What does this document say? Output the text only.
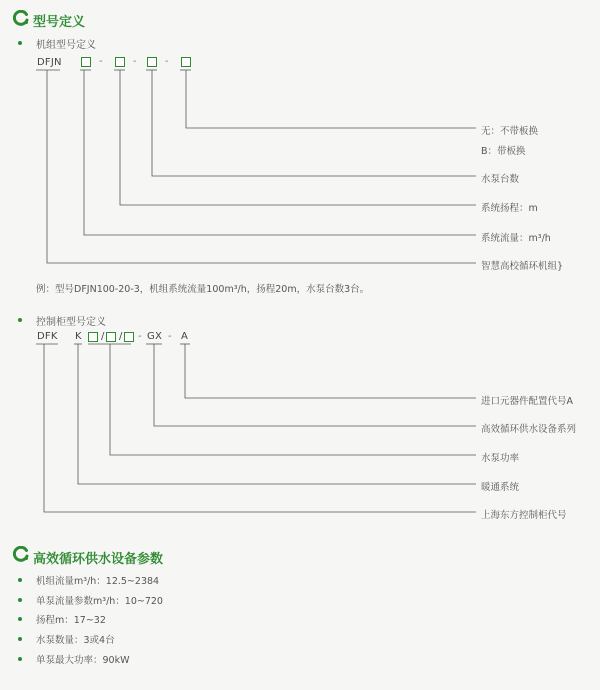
型号定义
机组型号定义
DFJN	-	-	-
无：不带板换
B：带板换
水泵台数
系统扬程：m
系统流量：m³/h
智慧高校循环机组}
例：型号DFJN100-20-3，机组系统流量100m³/h，扬程20m，水泵台数3台。
控制柜型号定义
DFK K / / - GX - A
进口元器件配置代号A
高效循环供水设备系列
水泵功率
暖通系统
上海东方控制柜代号
高效循环供水设备参数
机组流量m³/h：12.5~2384
单泵流量参数m³/h：10~720
扬程m：17~32
水泵数量：3或4台
单泵最大功率：90kW
